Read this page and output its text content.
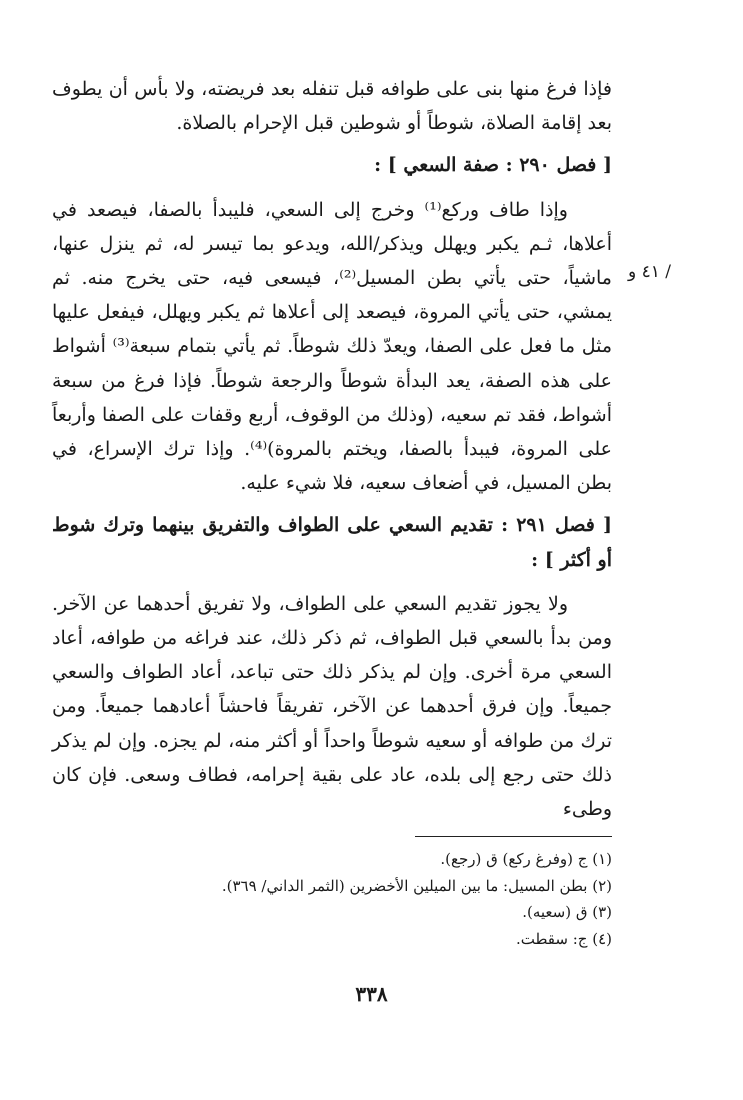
فإذا فرغ منها بنى على طوافه قبل تنفله بعد فريضته، ولا بأس أن يطوف بعد إقامة الصلاة، شوطاً أو شوطين قبل الإحرام بالصلاة.

[ فصل ٢٩٠ : صفة السعي ] :

وإذا طاف وركع⁽¹⁾ وخرج إلى السعي، فليبدأ بالصفا، فيصعد في أعلاها، ثـم يكبر ويهلل ويذكر/الله، ويدعو بما تيسر له، ثم ينزل عنها، ماشياً، حتى يأتي بطن المسيل⁽²⁾، فيسعى فيه، حتى يخرج منه. ثم يمشي، حتى يأتي المروة، فيصعد إلى أعلاها ثم يكبر ويهلل، فيفعل عليها مثل ما فعل على الصفا، ويعدّ ذلك شوطاً. ثم يأتي بتمام سبعة⁽³⁾ أشواط على هذه الصفة، يعد البدأة شوطاً والرجعة شوطاً. فإذا فرغ من سبعة أشواط، فقد تم سعيه، (وذلك من الوقوف، أربع وقفات على الصفا وأربعاً على المروة، فيبدأ بالصفا، ويختم بالمروة)⁽⁴⁾. وإذا ترك الإسراع، في بطن المسيل، في أضعاف سعيه، فلا شيء عليه.

[ فصل ٢٩١ : تقديم السعي على الطواف والتفريق بينهما وترك شوط أو أكثر ] :

ولا يجوز تقديم السعي على الطواف، ولا تفريق أحدهما عن الآخر. ومن بدأ بالسعي قبل الطواف، ثم ذكر ذلك، عند فراغه من طوافه، أعاد السعي مرة أخرى. وإن لم يذكر ذلك حتى تباعد، أعاد الطواف والسعي جميعاً. وإن فرق أحدهما عن الآخر، تفريقاً فاحشاً أعادهما جميعاً. ومن ترك من طوافه أو سعيه شوطاً واحداً أو أكثر منه، لم يجزه. وإن لم يذكر ذلك حتى رجع إلى بلده، عاد على بقية إحرامه، فطاف وسعى. فإن كان وطىء

/ ٤١ و
(١) ج (وفرغ ركع) ق (رجع).
(٢) بطن المسيل: ما بين الميلين الأخضرين (الثمر الداني/ ٣٦٩).
(٣) ق (سعيه).
(٤) ج: سقطت.
٣٣٨
